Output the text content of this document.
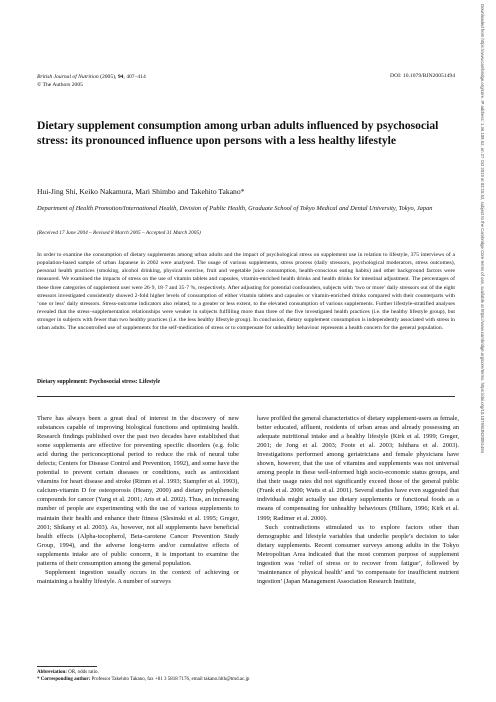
British Journal of Nutrition (2005), 94, 407–414
© The Authors 2005
DOI: 10.1079/BJN20051494
Dietary supplement consumption among urban adults influenced by psychosocial stress: its pronounced influence upon persons with a less healthy lifestyle
Hui-Jing Shi, Keiko Nakamura, Mari Shimbo and Takehito Takano*
Department of Health Promotion/International Health, Division of Public Health, Graduate School of Tokyo Medical and Dental University, Tokyo, Japan
(Received 17 June 2004 – Revised 8 March 2005 – Accepted 31 March 2005)

In order to examine the consumption of dietary supplements among urban adults and the impact of psychological stress on supplement use in relation to lifestyle, 375 interviews of a population-based sample of urban Japanese in 2002 were analysed. The usage of various supplements, stress process (daily stressors, psychological moderators, stress outcomes), personal health practices (smoking, alcohol drinking, physical exercise, fruit and vegetable juice consumption, health-conscious eating habits) and other background factors were measured. We examined the impacts of stress on the use of vitamin tablets and capsules, vitamin-enriched health drinks and health drinks for intestinal adjustment. The percentages of these three categories of supplement user were 26·9, 18·7 and 35·7 %, respectively. After adjusting for potential confounders, subjects with ‘two or more’ daily stressors out of the eight stressors investigated consistently showed 2-fold higher levels of consumption of either vitamin tablets and capsules or vitamin-enriched drinks compared with their counterparts with ‘one or less’ daily stressors. Stress-outcome indicators also related, to a greater or less extent, to the elevated consumption of various supplements. Further lifestyle-stratified analyses revealed that the stress–supplementation relationships were weaker in subjects fulfilling more than three of the five investigated health practices (i.e. the healthy lifestyle group), but stronger in subjects with fewer than two healthy practices (i.e. the less healthy lifestyle group). In conclusion, dietary supplement consumption is independently associated with stress in urban adults. The uncontrolled use of supplements for the self-medication of stress or to compensate for unhealthy behaviour represents a health concern for the general population.

Dietary supplement: Psychosocial stress: Lifestyle

There has always been a great deal of interest in the discovery of new substances capable of improving biological functions and optimising health. Research findings published over the past two decades have established that some supplements are effective for preventing specific disorders (e.g. folic acid during the periconceptional period to reduce the risk of neural tube defects; Centers for Disease Control and Prevention, 1992), and some have the potential to prevent certain diseases or conditions, such as antioxidant vitamins for heart disease and stroke (Rimm et al. 1993; Stampfer et al. 1993), calcium-vitamin D for osteoporosis (Heany, 2000) and dietary polyphenolic compounds for cancer (Yang et al. 2001; Arts et al. 2002). Thus, an increasing number of people are experimenting with the use of various supplements to maintain their health and enhance their fitness (Slesinski et al. 1995; Greger, 2001; Shikany et al. 2003). As, however, not all supplements have beneficial health effects (Alpha-tocopherol, Beta-carotene Cancer Prevention Study Group, 1994), and the adverse long-term and/or cumulative effects of supplements intake are of public concern, it is important to examine the patterns of their consumption among the general population.

Supplement ingestion usually occurs in the context of achieving or maintaining a healthy lifestyle. A number of surveys

have profiled the general characteristics of dietary supplement-users as female, better educated, affluent, residents of urban areas and already possessing an adequate nutritional intake and a healthy lifestyle (Kirk et al. 1999; Greger, 2001; de Jong et al. 2003; Foote et al. 2003; Ishihara et al. 2003). Investigations performed among geriatricians and female physicians have shown, however, that the use of vitamins and supplements was not universal among people in these well-informed high socio-economic status groups, and that their usage rates did not significantly exceed those of the general public (Frank et al. 2000; Watts et al. 2001). Several studies have even suggested that individuals might actually use dietary supplements or functional foods as a means of compensating for unhealthy behaviours (Hilliam, 1996; Kirk et al. 1999; Radimer et al. 2000).

Such contradictions stimulated us to explore factors other than demographic and lifestyle variables that underlie people’s decision to take dietary supplements. Recent consumer surveys among adults in the Tokyo Metropolitan Area indicated that the most common purpose of supplement ingestion was ‘relief of stress or to recover from fatigue’, followed by ‘maintenance of physical health’ and ‘to compensate for insufficient nutrient ingestion’ (Japan Management Association Research Institute,

Abbreviation: OR, odds ratio.
* Corresponding author: Professor Takehito Takano, fax +81 3 5818 7176, email takano.hlth@tmd.ac.jp
Downloaded from https://www.cambridge.org/core. IP address: 1.36.108.52, on 27 Oct 2019 at 03:15:52, subject to the Cambridge Core terms of use, available at https://www.cambridge.org/core/terms. https://doi.org/10.1079/BJN20051494
